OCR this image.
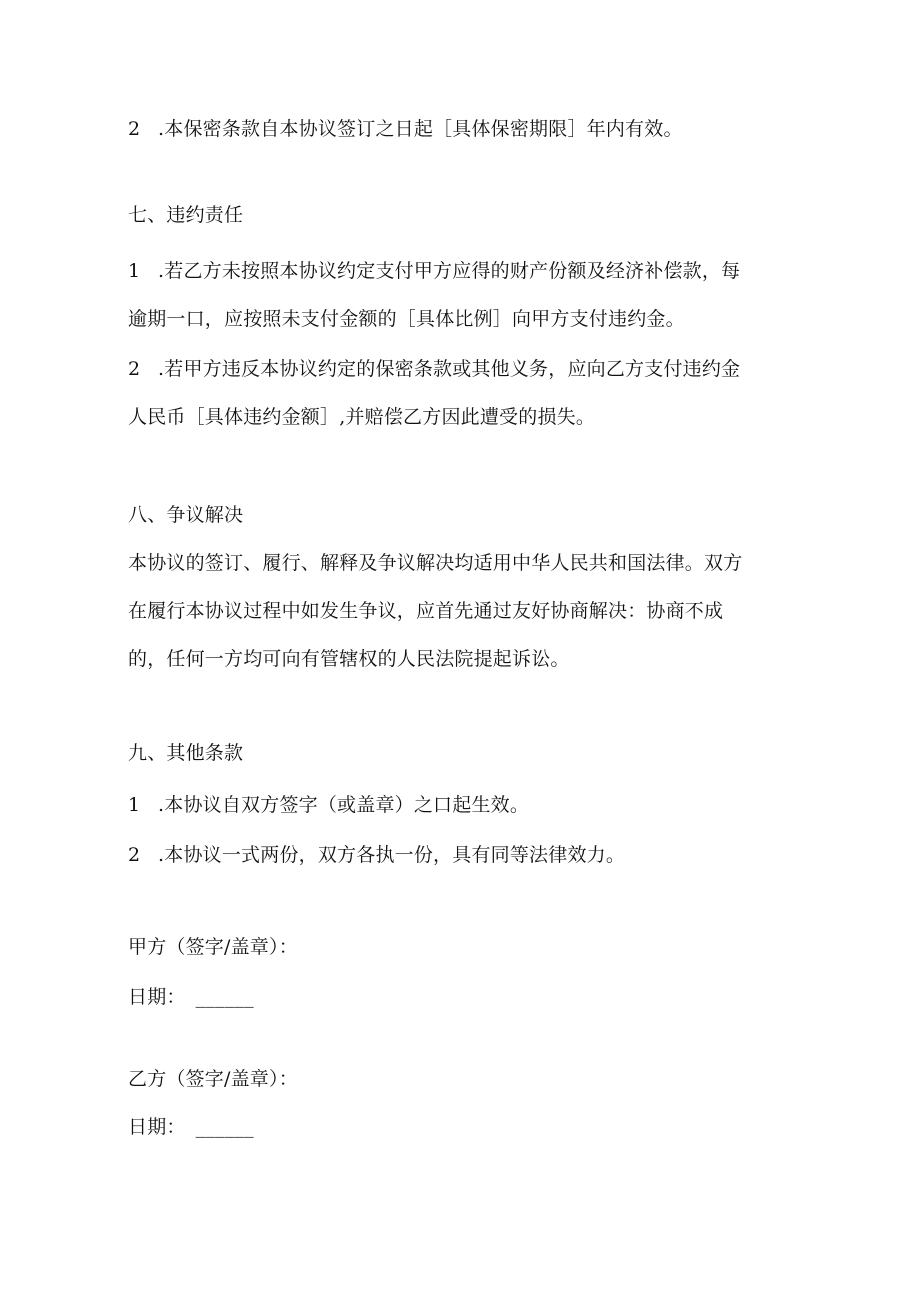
2 .本保密条款自本协议签订之日起［具体保密期限］年内有效。
七、违约责任
1 .若乙方未按照本协议约定支付甲方应得的财产份额及经济补偿款，每
逾期一口，应按照未支付金额的［具体比例］向甲方支付违约金。
2 .若甲方违反本协议约定的保密条款或其他义务，应向乙方支付违约金
人民币［具体违约金额］,并赔偿乙方因此遭受的损失。
八、争议解决
本协议的签订、履行、解释及争议解决均适用中华人民共和国法律。双方
在履行本协议过程中如发生争议，应首先通过友好协商解决：协商不成
的，任何一方均可向有管辖权的人民法院提起诉讼。
九、其他条款
1 .本协议自双方签字（或盖章）之口起生效。
2 .本协议一式两份，双方各执一份，具有同等法律效力。
甲方（签字/盖章）：
日期： ______
乙方（签字/盖章）：
日期： ______
